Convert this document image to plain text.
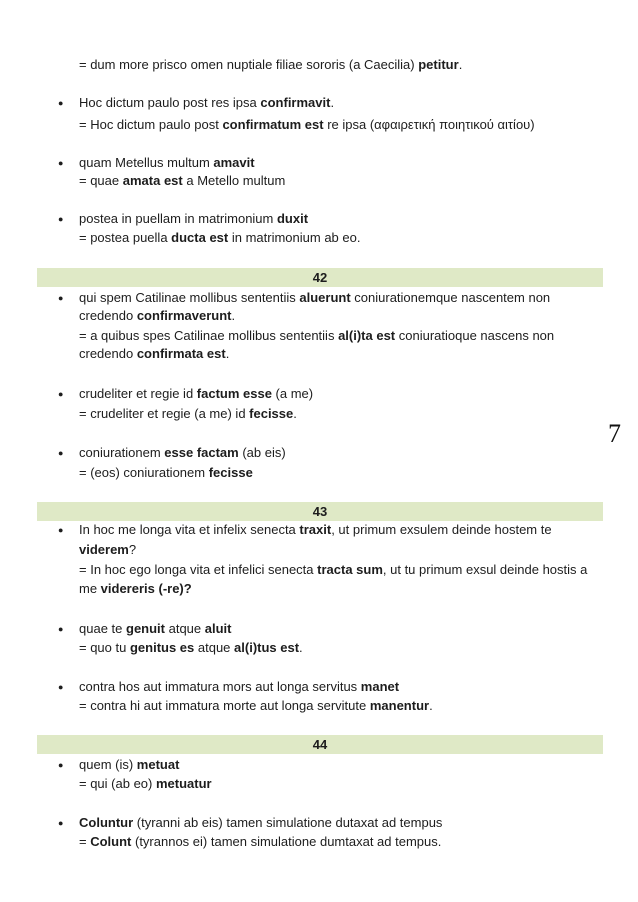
= dum more prisco omen nuptiale filiae sororis (a Caecilia) petitur.
● Hoc dictum paulo post res ipsa confirmavit.
= Hoc dictum paulo post confirmatum est re ipsa (αφαιρετική ποιητικού αιτίου)
● quam Metellus multum amavit
= quae amata est a Metello multum
● postea in puellam in matrimonium duxit
= postea puella ducta est in matrimonium ab eo.
42
● qui spem Catilinae mollibus sententiis aluerunt coniurationemque nascentem non
credendo confirmaverunt.
= a quibus spes Catilinae mollibus sententiis al(i)ta est coniuratioque nascens non
credendo confirmata est.
● crudeliter et regie id factum esse (a me)
= crudeliter et regie (a me) id fecisse.
● coniurationem esse factam (ab eis)
= (eos) coniurationem fecisse
43
● In hoc me longa vita et infelix senecta traxit, ut primum exsulem deinde hostem te
viderem?
= In hoc ego longa vita et infelici senecta tracta sum, ut tu primum exsul deinde hostis a
me videreris (-re)?
● quae te genuit atque aluit
= quo tu genitus es atque al(i)tus est.
● contra hos aut immatura mors aut longa servitus manet
= contra hi aut immatura morte aut longa servitute manentur.
44
● quem (is) metuat
= qui (ab eo) metuatur
● Coluntur (tyranni ab eis) tamen simulatione dutaxat ad tempus
= Colunt (tyrannos ei) tamen simulatione dumtaxat ad tempus.
7
